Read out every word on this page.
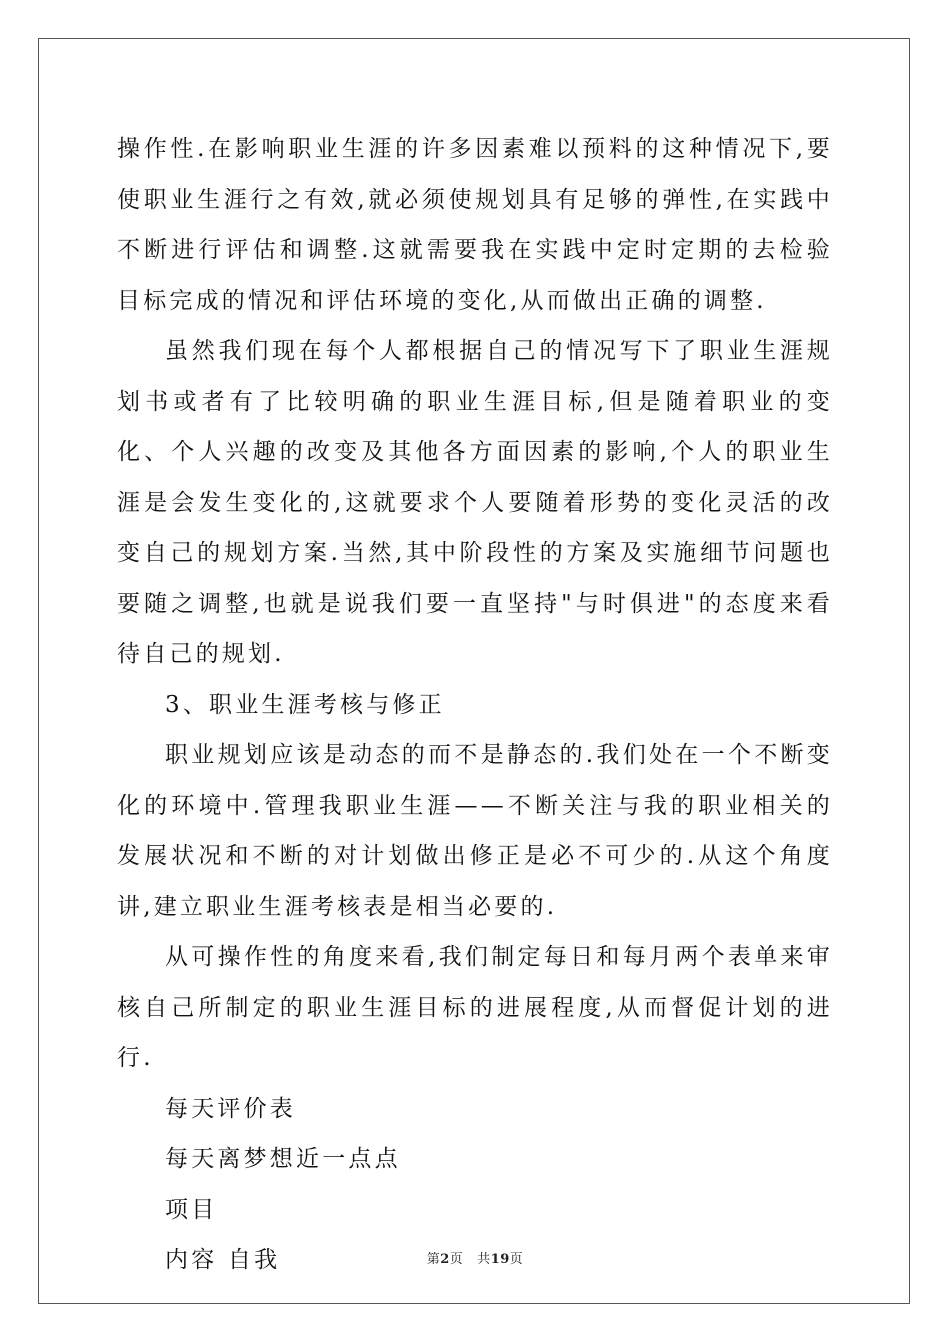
操作性.在影响职业生涯的许多因素难以预料的这种情况下,要使职业生涯行之有效,就必须使规划具有足够的弹性,在实践中不断进行评估和调整.这就需要我在实践中定时定期的去检验目标完成的情况和评估环境的变化,从而做出正确的调整.

虽然我们现在每个人都根据自己的情况写下了职业生涯规划书或者有了比较明确的职业生涯目标,但是随着职业的变化、个人兴趣的改变及其他各方面因素的影响,个人的职业生涯是会发生变化的,这就要求个人要随着形势的变化灵活的改变自己的规划方案.当然,其中阶段性的方案及实施细节问题也要随之调整,也就是说我们要一直坚持"与时俱进"的态度来看待自己的规划.

3、职业生涯考核与修正

职业规划应该是动态的而不是静态的.我们处在一个不断变化的环境中.管理我职业生涯——不断关注与我的职业相关的发展状况和不断的对计划做出修正是必不可少的.从这个角度讲,建立职业生涯考核表是相当必要的.

从可操作性的角度来看,我们制定每日和每月两个表单来审核自己所制定的职业生涯目标的进展程度,从而督促计划的进行.

每天评价表

每天离梦想近一点点

项目

内容 自我	第2页 共19页
